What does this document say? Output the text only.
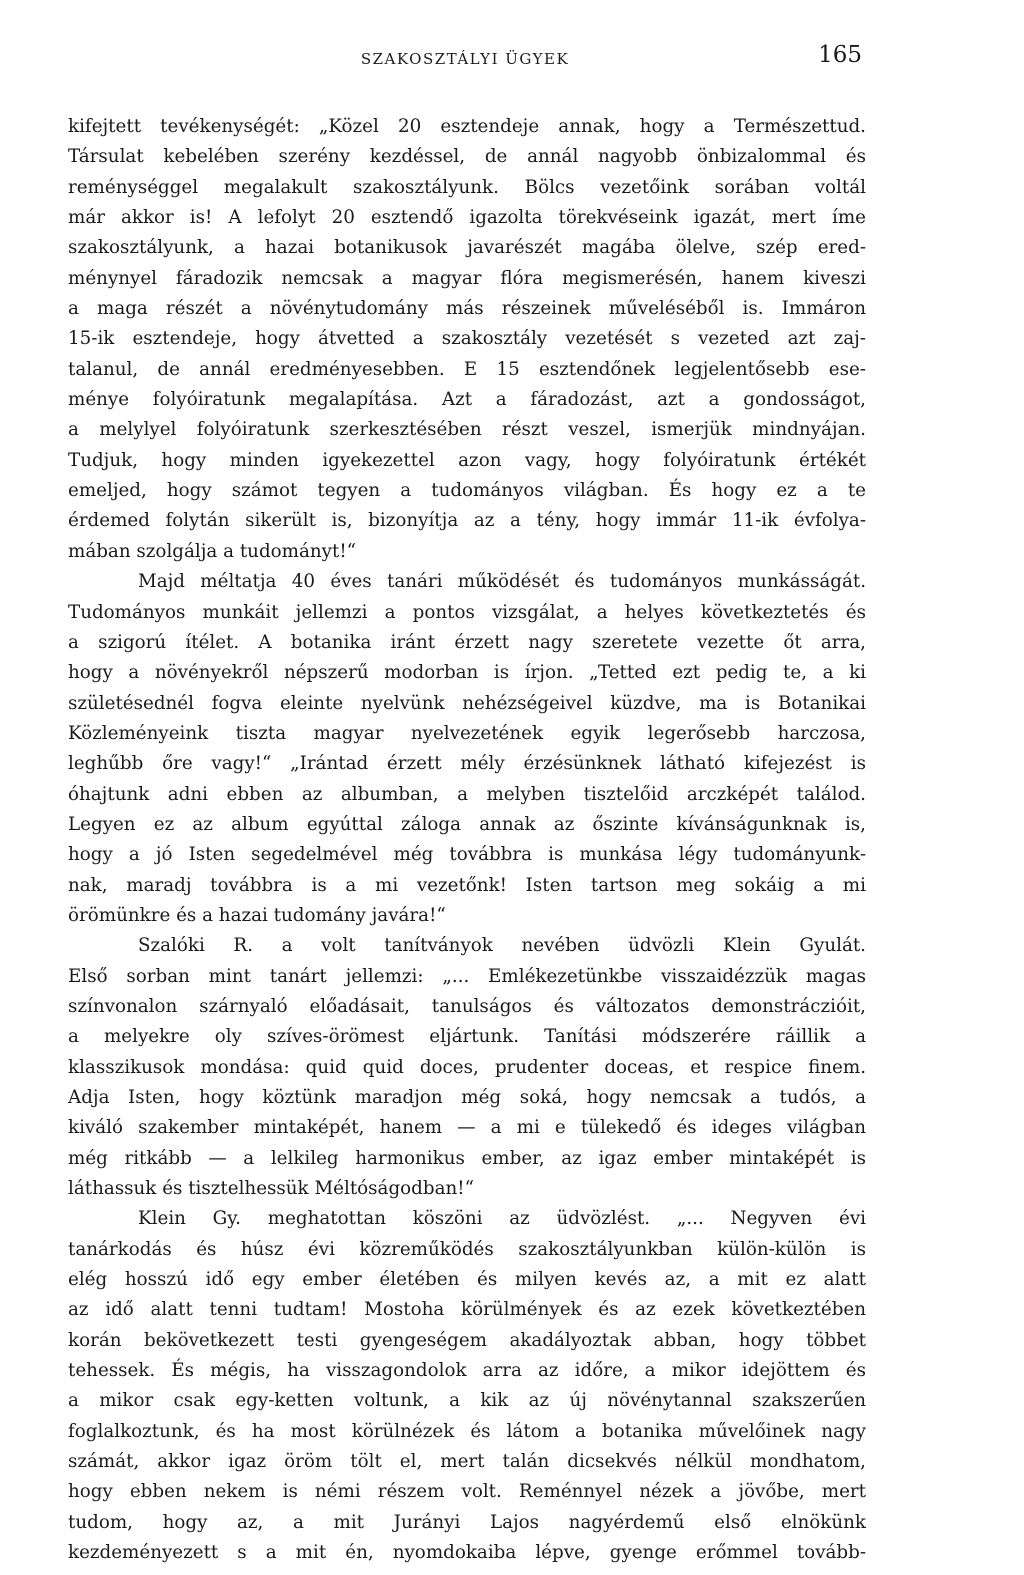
SZAKOSZTÁLYI ÜGYEK	165
kifejtett tevékenységét: „Közel 20 esztendeje annak, hogy a Természettud.
Társulat kebelében szerény kezdéssel, de annál nagyobb önbizalommal és
reménységgel megalakult szakosztályunk. Bölcs vezetőink sorában voltál
már akkor is! A lefolyt 20 esztendő igazolta törekvéseink igazát, mert íme
szakosztályunk, a hazai botanikusok javarészét magába ölelve, szép ered-
ménynyel fáradozik nemcsak a magyar flóra megismerésén, hanem kiveszi
a maga részét a növénytudomány más részeinek műveléséből is. Immáron
15-ik esztendeje, hogy átvetted a szakosztály vezetését s vezeted azt zaj-
talanul, de annál eredményesebben. E 15 esztendőnek legjelentősebb ese-
ménye folyóiratunk megalapítása. Azt a fáradozást, azt a gondosságot,
a melylyel folyóiratunk szerkesztésében részt veszel, ismerjük mindnyájan.
Tudjuk, hogy minden igyekezettel azon vagy, hogy folyóiratunk értékét
emeljed, hogy számot tegyen a tudományos világban. És hogy ez a te
érdemed folytán sikerült is, bizonyítja az a tény, hogy immár 11-ik évfolya-
mában szolgálja a tudományt!“
Majd méltatja 40 éves tanári működését és tudományos munkásságát.
Tudományos munkáit jellemzi a pontos vizsgálat, a helyes következtetés és
a szigorú ítélet. A botanika iránt érzett nagy szeretete vezette őt arra,
hogy a növényekről népszerű modorban is írjon. „Tetted ezt pedig te, a ki
születésednél fogva eleinte nyelvünk nehézségeivel küzdve, ma is Botanikai
Közleményeink tiszta magyar nyelvezetének egyik legerősebb harczosa,
leghűbb őre vagy!“ „Irántad érzett mély érzésünknek látható kifejezést is
óhajtunk adni ebben az albumban, a melyben tisztelőid arczképét találod.
Legyen ez az album egyúttal záloga annak az őszinte kívánságunknak is,
hogy a jó Isten segedelmével még továbbra is munkása légy tudományunk-
nak, maradj továbbra is a mi vezetőnk! Isten tartson meg sokáig a mi
örömünkre és a hazai tudomány javára!“
Szalóki R. a volt tanítványok nevében üdvözli Klein Gyulát.
Első sorban mint tanárt jellemzi: „... Emlékezetünkbe visszaidézzük magas
színvonalon szárnyaló előadásait, tanulságos és változatos demonstráczióit,
a melyekre oly szíves-örömest eljártunk. Tanítási módszerére ráillik a
klasszikusok mondása: quid quid doces, prudenter doceas, et respice finem.
Adja Isten, hogy köztünk maradjon még soká, hogy nemcsak a tudós, a
kiváló szakember mintaképét, hanem — a mi e tülekedő és ideges világban
még ritkább — a lelkileg harmonikus ember, az igaz ember mintaképét is
láthassuk és tisztelhessük Méltóságodban!“
Klein Gy. meghatottan köszöni az üdvözlést. „... Negyven évi
tanárkodás és húsz évi közreműködés szakosztályunkban külön-külön is
elég hosszú idő egy ember életében és milyen kevés az, a mit ez alatt
az idő alatt tenni tudtam! Mostoha körülmények és az ezek következtében
korán bekövetkezett testi gyengeségem akadályoztak abban, hogy többet
tehessek. És mégis, ha visszagondolok arra az időre, a mikor idejöttem és
a mikor csak egy-ketten voltunk, a kik az új növénytannal szakszerűen
foglalkoztunk, és ha most körülnézek és látom a botanika művelőinek nagy
számát, akkor igaz öröm tölt el, mert talán dicsekvés nélkül mondhatom,
hogy ebben nekem is némi részem volt. Reménnyel nézek a jövőbe, mert
tudom, hogy az, a mit Jurányi Lajos nagyérdemű első elnökünk
kezdeményezett s a mit én, nyomdokaiba lépve, gyenge erőmmel tovább-
